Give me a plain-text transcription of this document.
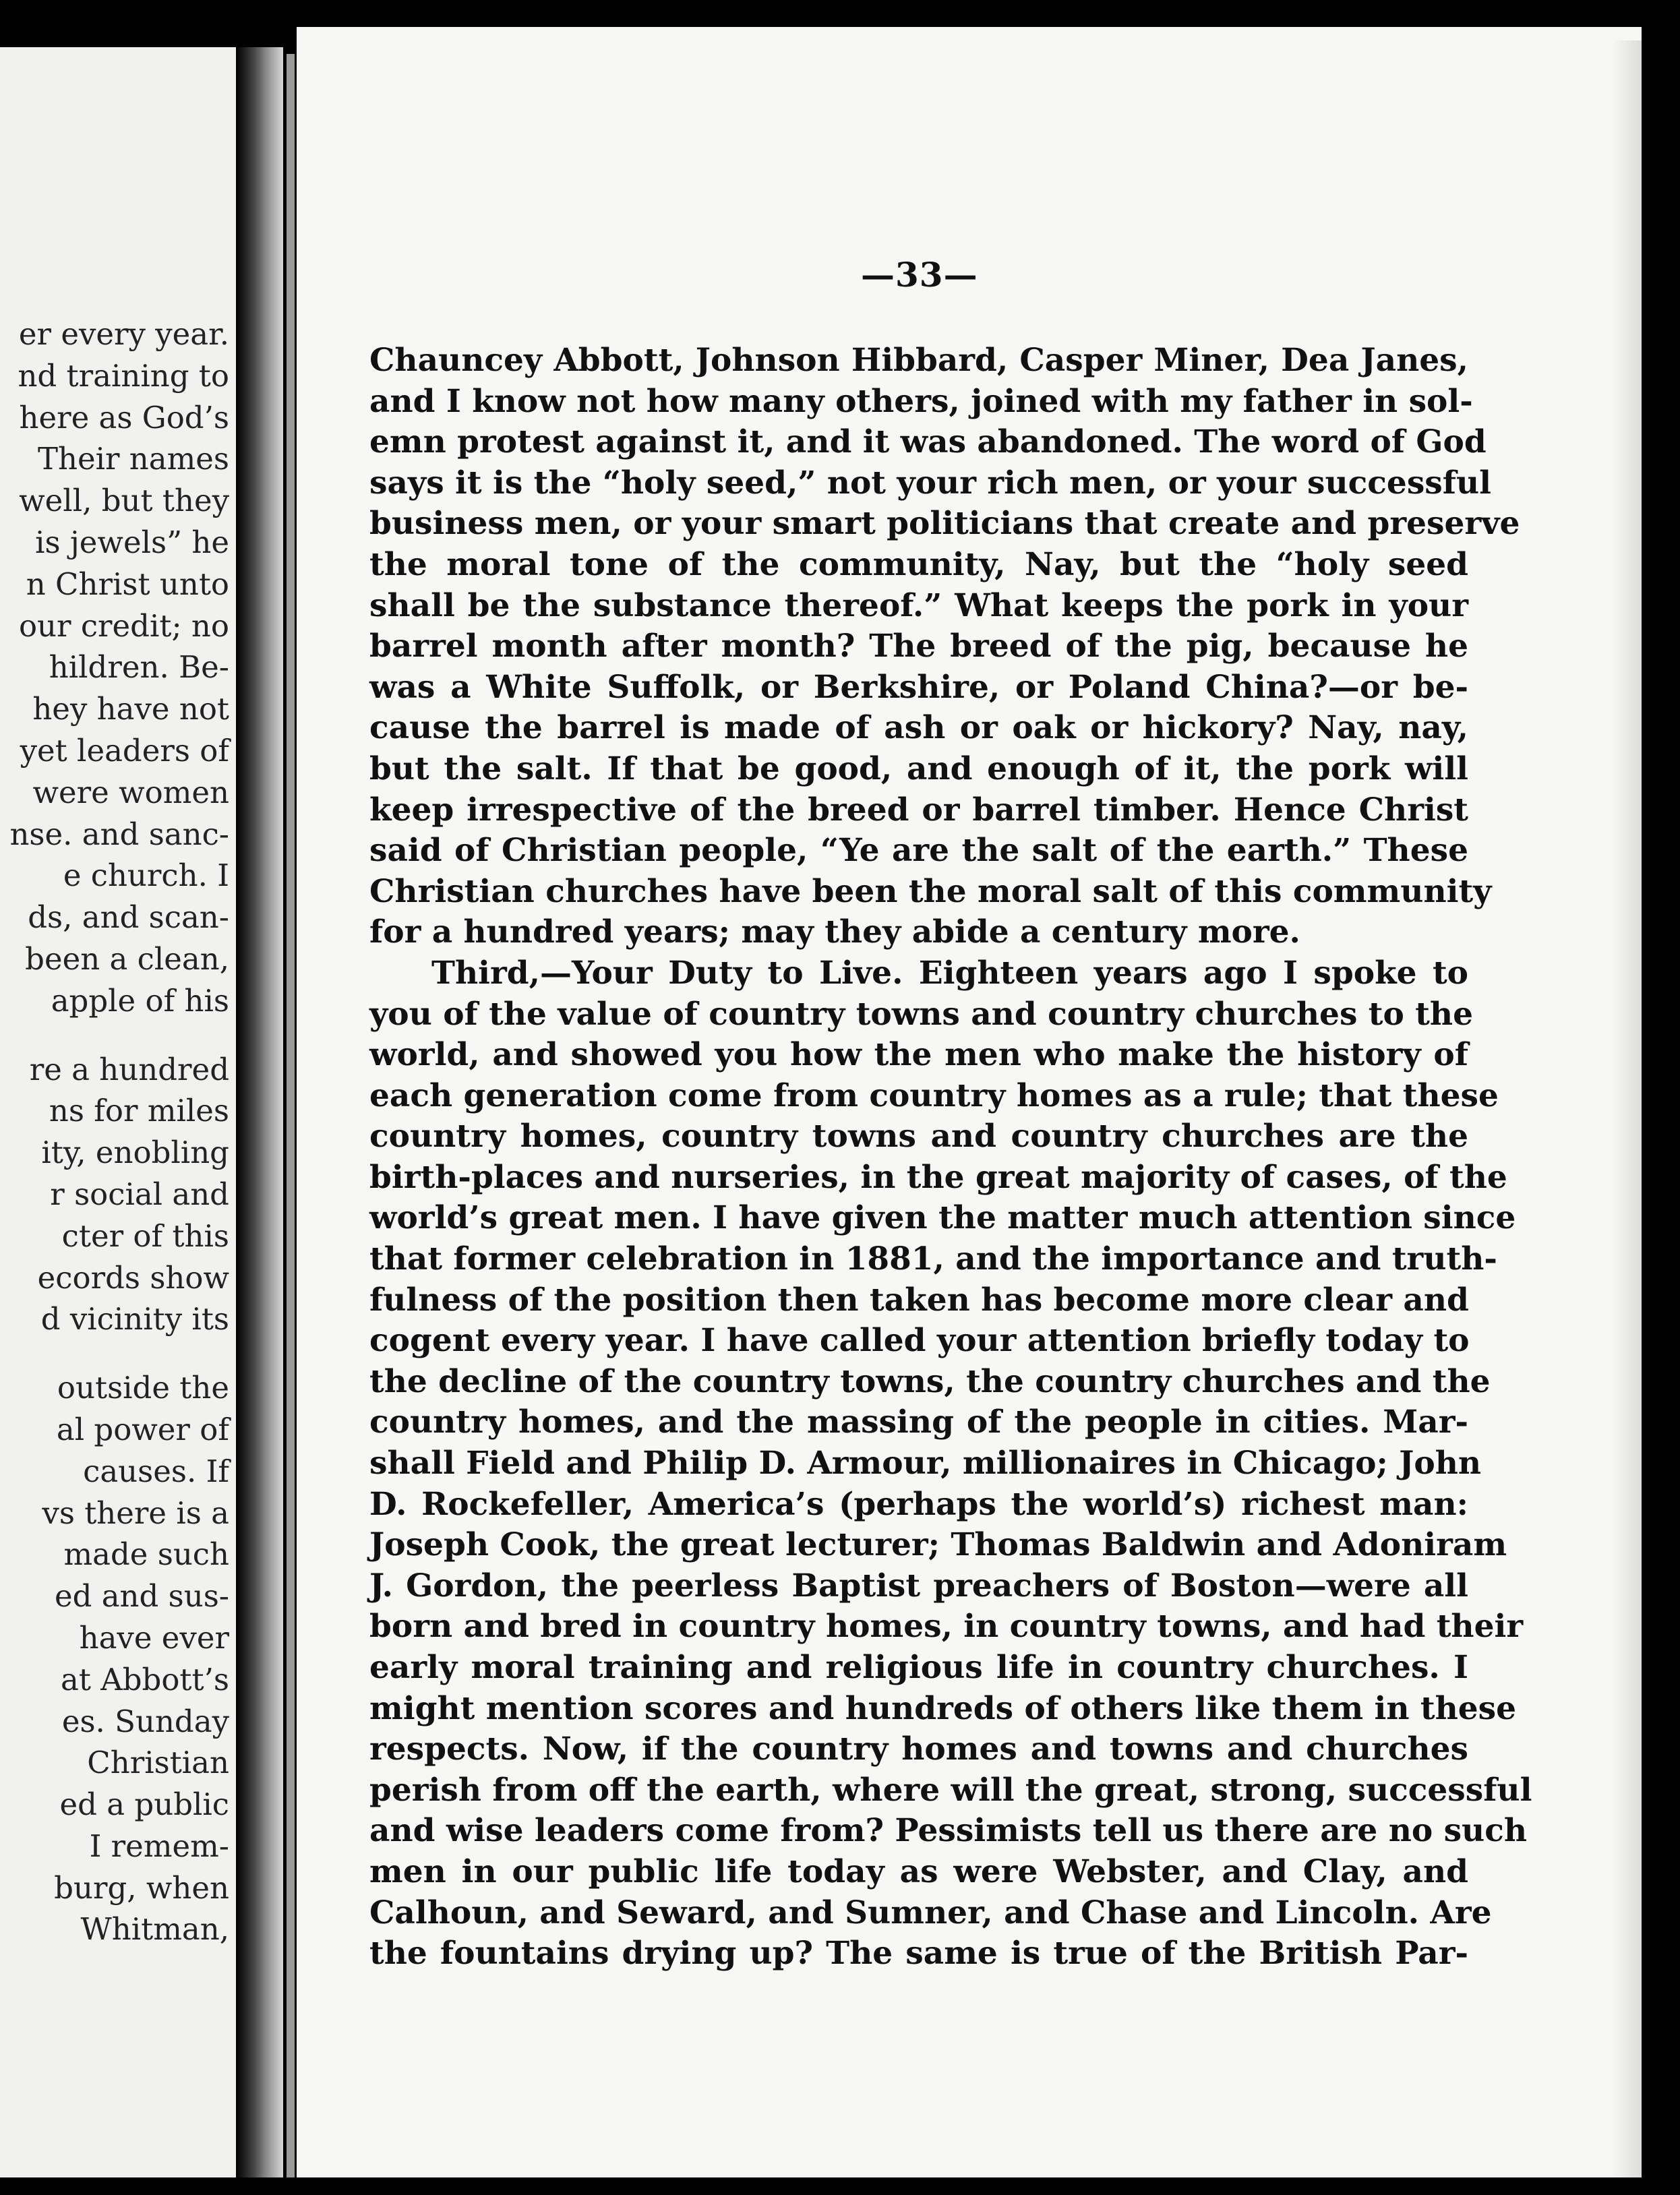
er every year.
nd training to
here as God’s
Their names
well, but they
is jewels” he
n Christ unto
our credit; no
hildren. Be-
hey have not
yet leaders of
were women
nse. and sanc-
e church. I
ds, and scan-
been a clean,
apple of his
re a hundred
ns for miles
ity, enobling
r social and
cter of this
ecords show
d vicinity its
outside the
al power of
causes. If
vs there is a
made such
ed and sus-
have ever
at Abbott’s
es. Sunday
Christian
ed a public
I remem-
burg, when
Whitman,
—33—
Chauncey Abbott, Johnson Hibbard, Casper Miner, Dea Janes,
and I know not how many others, joined with my father in sol-
emn protest against it, and it was abandoned. The word of God
says it is the “holy seed,” not your rich men, or your successful
business men, or your smart politicians that create and preserve
the moral tone of the community, Nay, but the “holy seed
shall be the substance thereof.” What keeps the pork in your
barrel month after month? The breed of the pig, because he
was a White Suffolk, or Berkshire, or Poland China?—or be-
cause the barrel is made of ash or oak or hickory? Nay, nay,
but the salt. If that be good, and enough of it, the pork will
keep irrespective of the breed or barrel timber. Hence Christ
said of Christian people, “Ye are the salt of the earth.” These
Christian churches have been the moral salt of this community
for a hundred years; may they abide a century more.
Third,—Your Duty to Live. Eighteen years ago I spoke to
you of the value of country towns and country churches to the
world, and showed you how the men who make the history of
each generation come from country homes as a rule; that these
country homes, country towns and country churches are the
birth-places and nurseries, in the great majority of cases, of the
world’s great men. I have given the matter much attention since
that former celebration in 1881, and the importance and truth-
fulness of the position then taken has become more clear and
cogent every year. I have called your attention briefly today to
the decline of the country towns, the country churches and the
country homes, and the massing of the people in cities. Mar-
shall Field and Philip D. Armour, millionaires in Chicago; John
D. Rockefeller, America’s (perhaps the world’s) richest man:
Joseph Cook, the great lecturer; Thomas Baldwin and Adoniram
J. Gordon, the peerless Baptist preachers of Boston—were all
born and bred in country homes, in country towns, and had their
early moral training and religious life in country churches. I
might mention scores and hundreds of others like them in these
respects. Now, if the country homes and towns and churches
perish from off the earth, where will the great, strong, successful
and wise leaders come from? Pessimists tell us there are no such
men in our public life today as were Webster, and Clay, and
Calhoun, and Seward, and Sumner, and Chase and Lincoln. Are
the fountains drying up? The same is true of the British Par-
